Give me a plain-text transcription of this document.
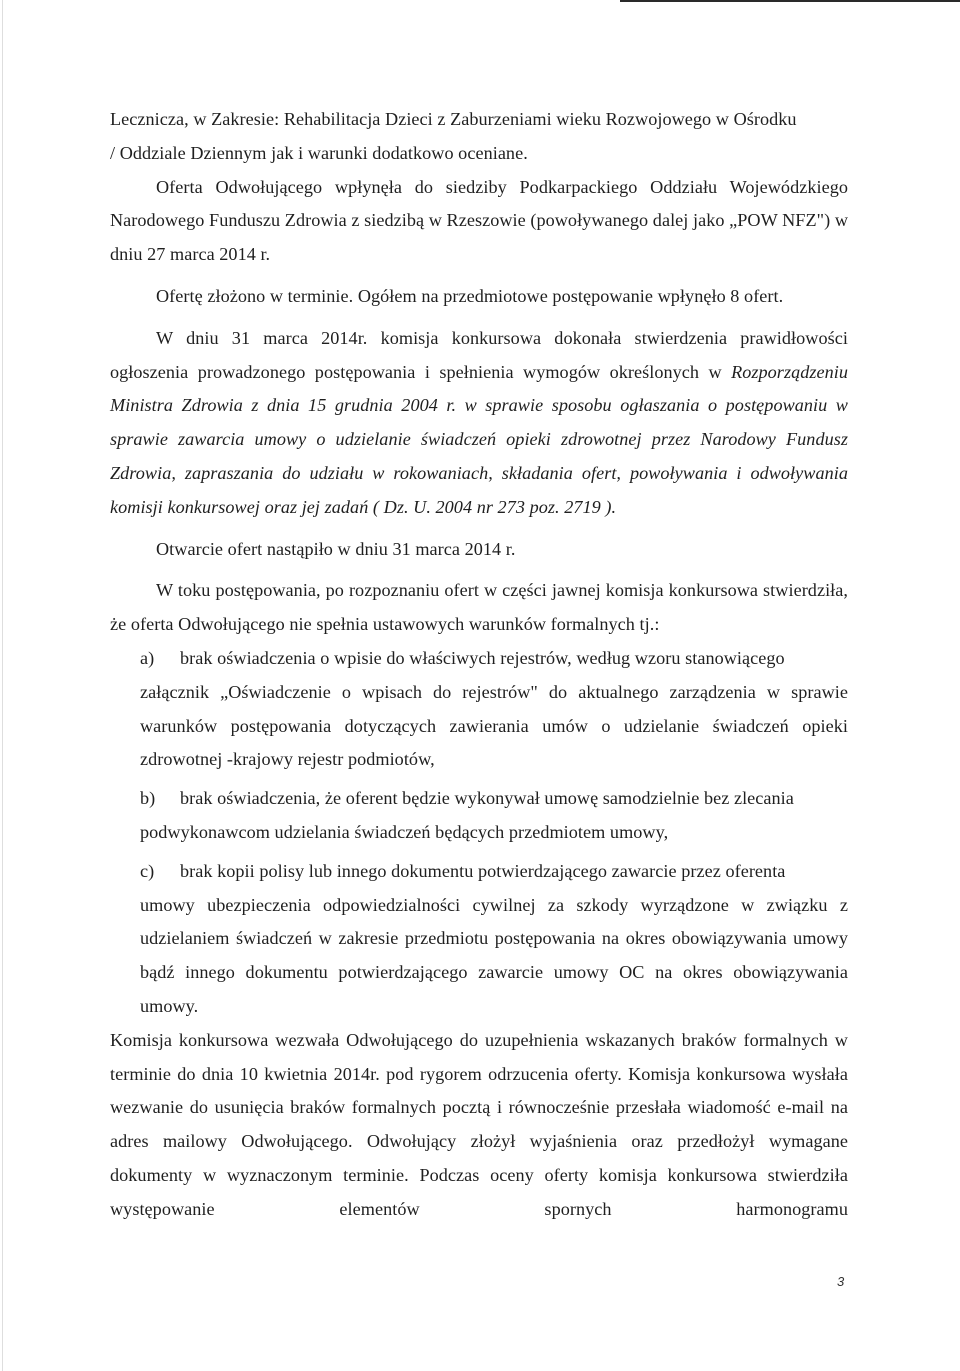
Lecznicza, w Zakresie: Rehabilitacja Dzieci z Zaburzeniami wieku Rozwojowego w Ośrodku
/ Oddziale Dziennym jak i warunki dodatkowo oceniane.

Oferta Odwołującego wpłynęła do siedziby Podkarpackiego Oddziału Wojewódzkiego Narodowego Funduszu Zdrowia z siedzibą w Rzeszowie (powoływanego dalej jako „POW NFZ") w dniu 27 marca 2014 r.

Ofertę złożono w terminie. Ogółem na przedmiotowe postępowanie wpłynęło 8 ofert.

W dniu 31 marca 2014r. komisja konkursowa dokonała stwierdzenia prawidłowości ogłoszenia prowadzonego postępowania i spełnienia wymogów określonych w Rozporządzeniu Ministra Zdrowia z dnia 15 grudnia 2004 r. w sprawie sposobu ogłaszania o postępowaniu w sprawie zawarcia umowy o udzielanie świadczeń opieki zdrowotnej przez Narodowy Fundusz Zdrowia, zapraszania do udziału w rokowaniach, składania ofert, powoływania i odwoływania komisji konkursowej oraz jej zadań ( Dz. U. 2004 nr 273 poz. 2719 ).

Otwarcie ofert nastąpiło w dniu 31 marca 2014 r.

W toku postępowania, po rozpoznaniu ofert w części jawnej komisja konkursowa stwierdziła, że oferta Odwołującego nie spełnia ustawowych warunków formalnych tj.:

a)	brak oświadczenia o wpisie do właściwych rejestrów, według wzoru stanowiącego
załącznik „Oświadczenie o wpisach do rejestrów" do aktualnego zarządzenia w sprawie warunków postępowania dotyczących zawierania umów o udzielanie świadczeń opieki zdrowotnej -krajowy rejestr podmiotów,
b)	brak oświadczenia, że oferent będzie wykonywał umowę samodzielnie bez zlecania
podwykonawcom udzielania świadczeń będących przedmiotem umowy,
c)	brak kopii polisy lub innego dokumentu potwierdzającego zawarcie przez oferenta
umowy ubezpieczenia odpowiedzialności cywilnej za szkody wyrządzone w związku z udzielaniem świadczeń w zakresie przedmiotu postępowania na okres obowiązywania umowy bądź innego dokumentu potwierdzającego zawarcie umowy OC na okres obowiązywania umowy.

Komisja konkursowa wezwała Odwołującego do uzupełnienia wskazanych braków formalnych w terminie do dnia 10 kwietnia 2014r. pod rygorem odrzucenia oferty. Komisja konkursowa wysłała wezwanie do usunięcia braków formalnych pocztą i równocześnie przesłała wiadomość e-mail na adres mailowy Odwołującego. Odwołujący złożył wyjaśnienia oraz przedłożył wymagane dokumenty w wyznaczonym terminie. Podczas oceny oferty komisja konkursowa stwierdziła występowanie elementów spornych harmonogramu

3
